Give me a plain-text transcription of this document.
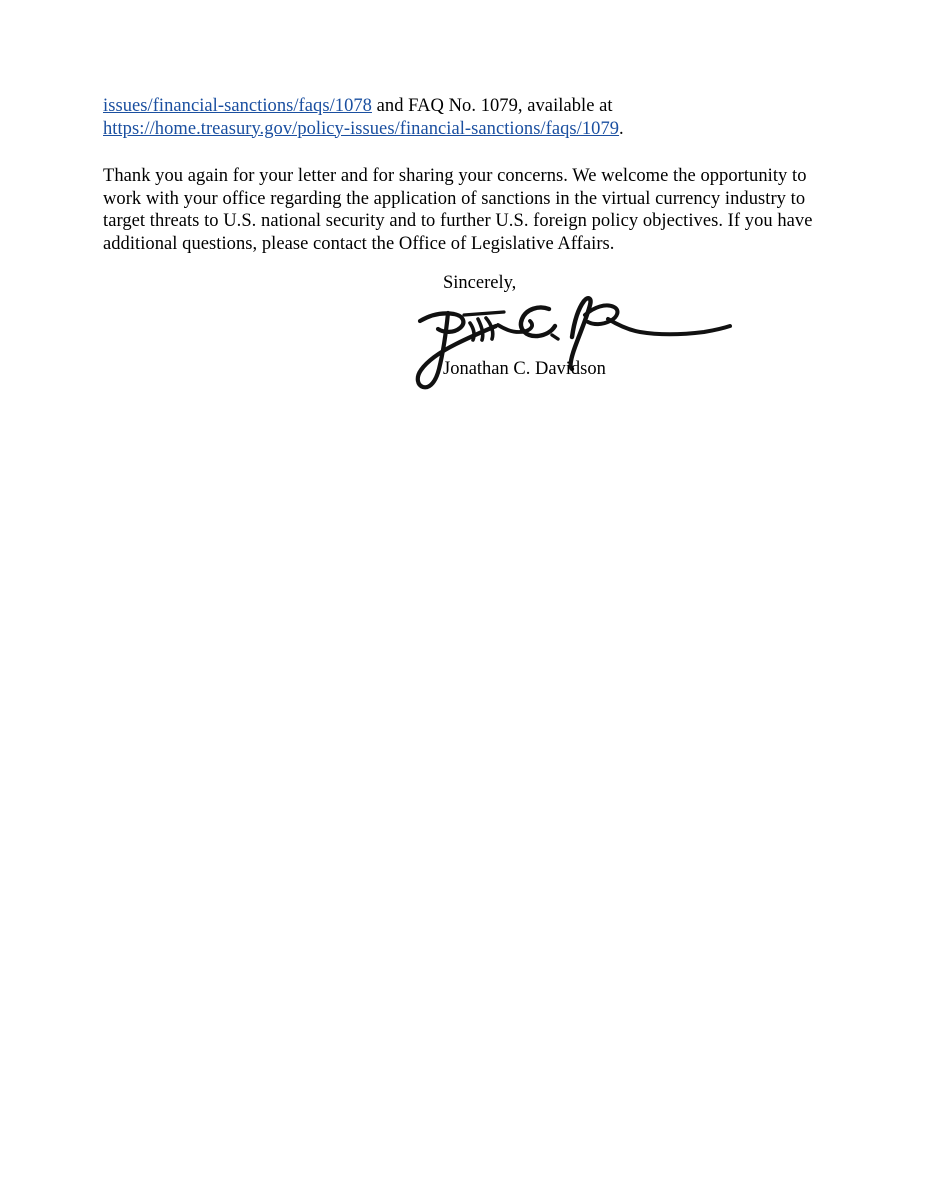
issues/financial-sanctions/faqs/1078 and FAQ No. 1079, available at https://home.treasury.gov/policy-issues/financial-sanctions/faqs/1079.

Thank you again for your letter and for sharing your concerns. We welcome the opportunity to work with your office regarding the application of sanctions in the virtual currency industry to target threats to U.S. national security and to further U.S. foreign policy objectives. If you have additional questions, please contact the Office of Legislative Affairs.

Sincerely,

Jonathan C. Davidson
